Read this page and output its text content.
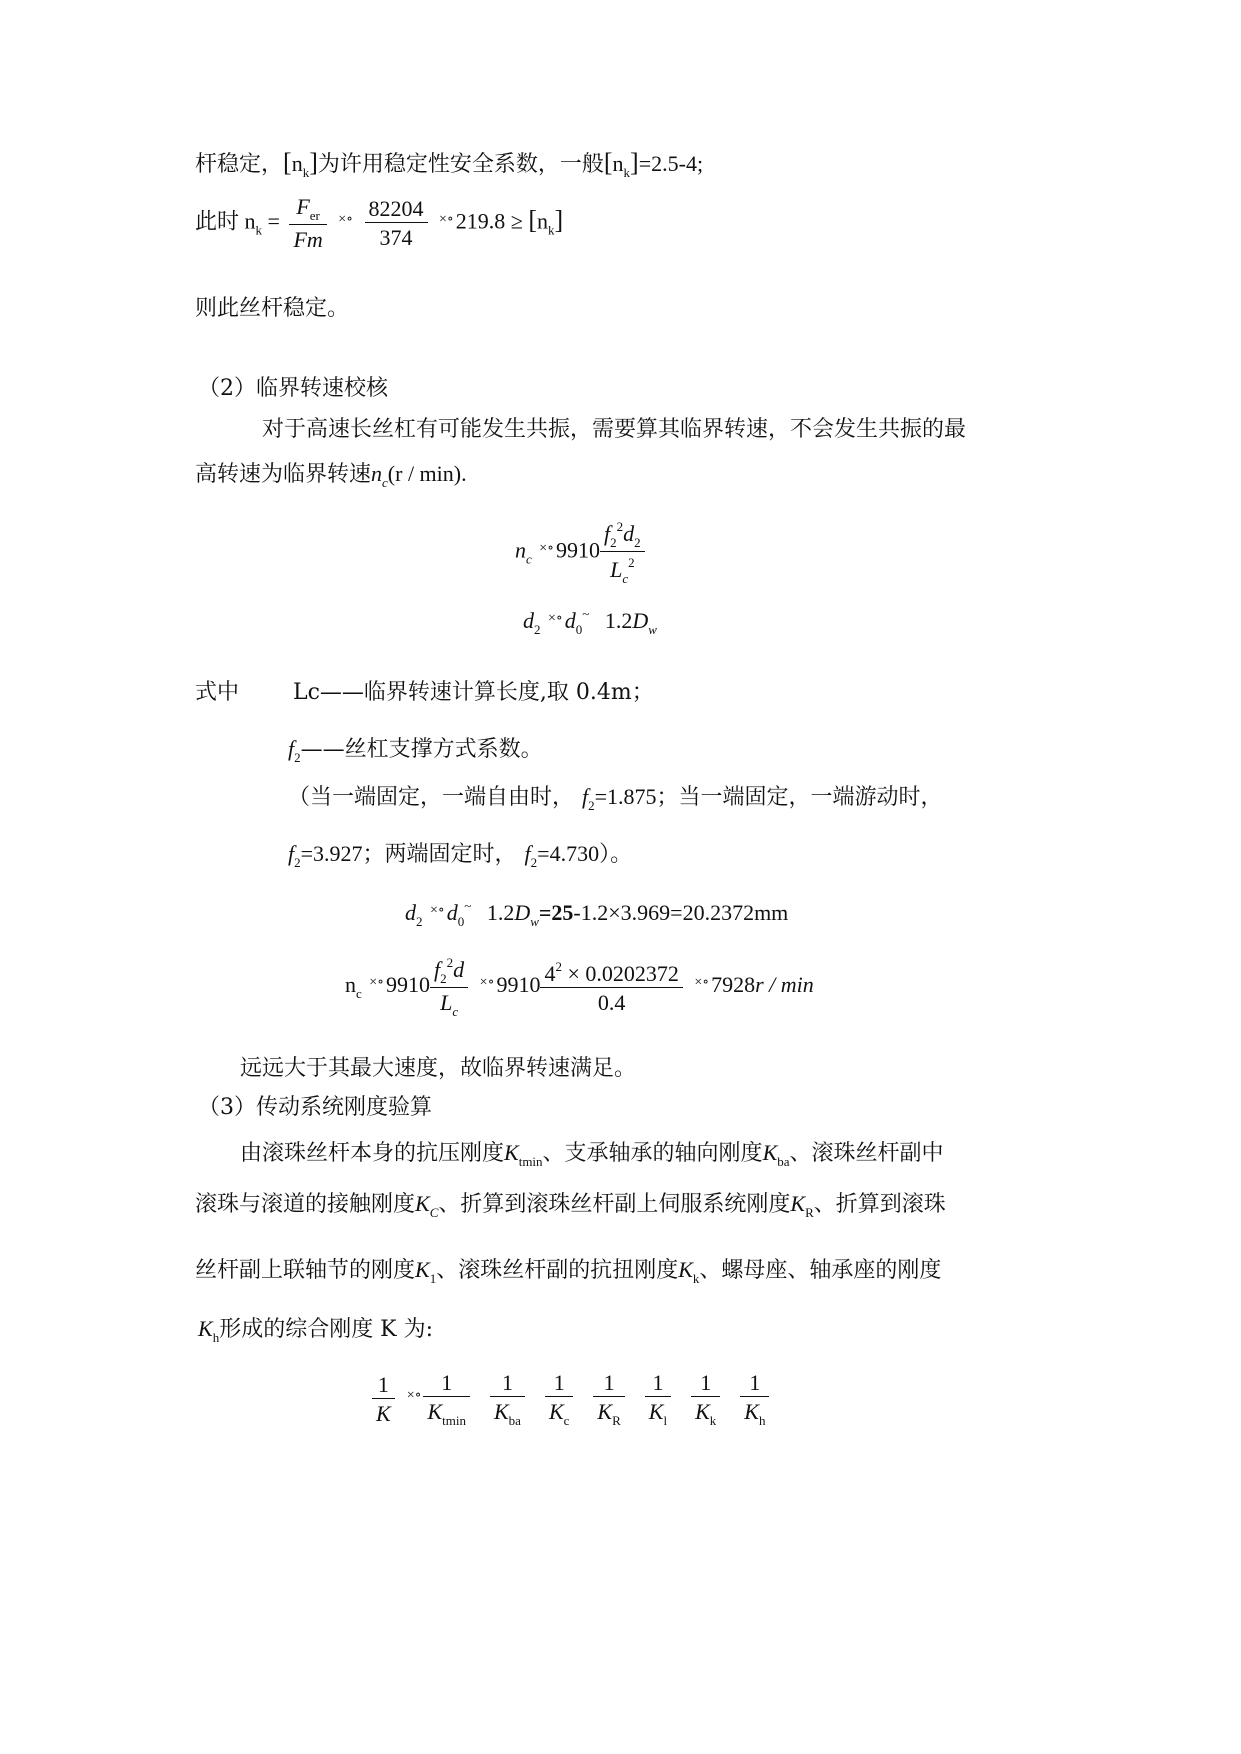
杆稳定，$[n_k]$为许用稳定性安全系数，一般$[n_k]=2.5-4$;
此时 $n_k = \frac{F_{er}}{Fm} ^{\times\circ} \frac{82204}{374} ^{\times\circ}219.8 \ge [n_k]$
则此丝杆稳定。
（2）临界转速校核
对于高速长丝杠有可能发生共振，需要算其临界转速，不会发生共振的最
高转速为临界转速$n_c(r / \min)$.
$n_c$ $^{\times\circ}9910 \frac{f_2^2d_2}{L_c^2}$
$d_2$ $^{\times\circ}d_0^\sim$ $1.2D_w$
式中 Lc——临界转速计算长度,取 0.4m；
$f_2——$丝杠支撑方式系数。
（当一端固定，一端自由时， $f_2=1.875$；当一端固定，一端游动时，
$f_2=3.927$；两端固定时， $f_2=4.730$）。
$d_2$ $^{\times\circ}d_0^\sim$ $1.2D_w=25-1.2\times 3.969=20.2372mm$
$n_c$ $^{\times\circ}9910 \frac{f_2^2d}{L_c} ^{\times\circ}9910 \frac{4^2 \times 0.0202372}{0.4} ^{\times\circ}7928r$ / min
远远大于其最大速度，故临界转速满足。
（3）传动系统刚度验算
由滚珠丝杆本身的抗压刚度$K_{tmin}$、支承轴承的轴向刚度$K_{ba}$、滚珠丝杆副中
滚珠与滚道的接触刚度$K_C$、折算到滚珠丝杆副上伺服系统刚度$K_R$、折算到滚珠
丝杆副上联轴节的刚度$K_1$、滚珠丝杆副的抗扭刚度$K_k$、螺母座、轴承座的刚度
$K_h$形成的综合刚度 K 为:
$\frac{1}{K} ^{\times\circ} \frac{1}{K_{tmin}} \frac{1}{K_{ba}} \frac{1}{K_c} \frac{1}{K_R} \frac{1}{K_l} \frac{1}{K_k} \frac{1}{K_h}$
